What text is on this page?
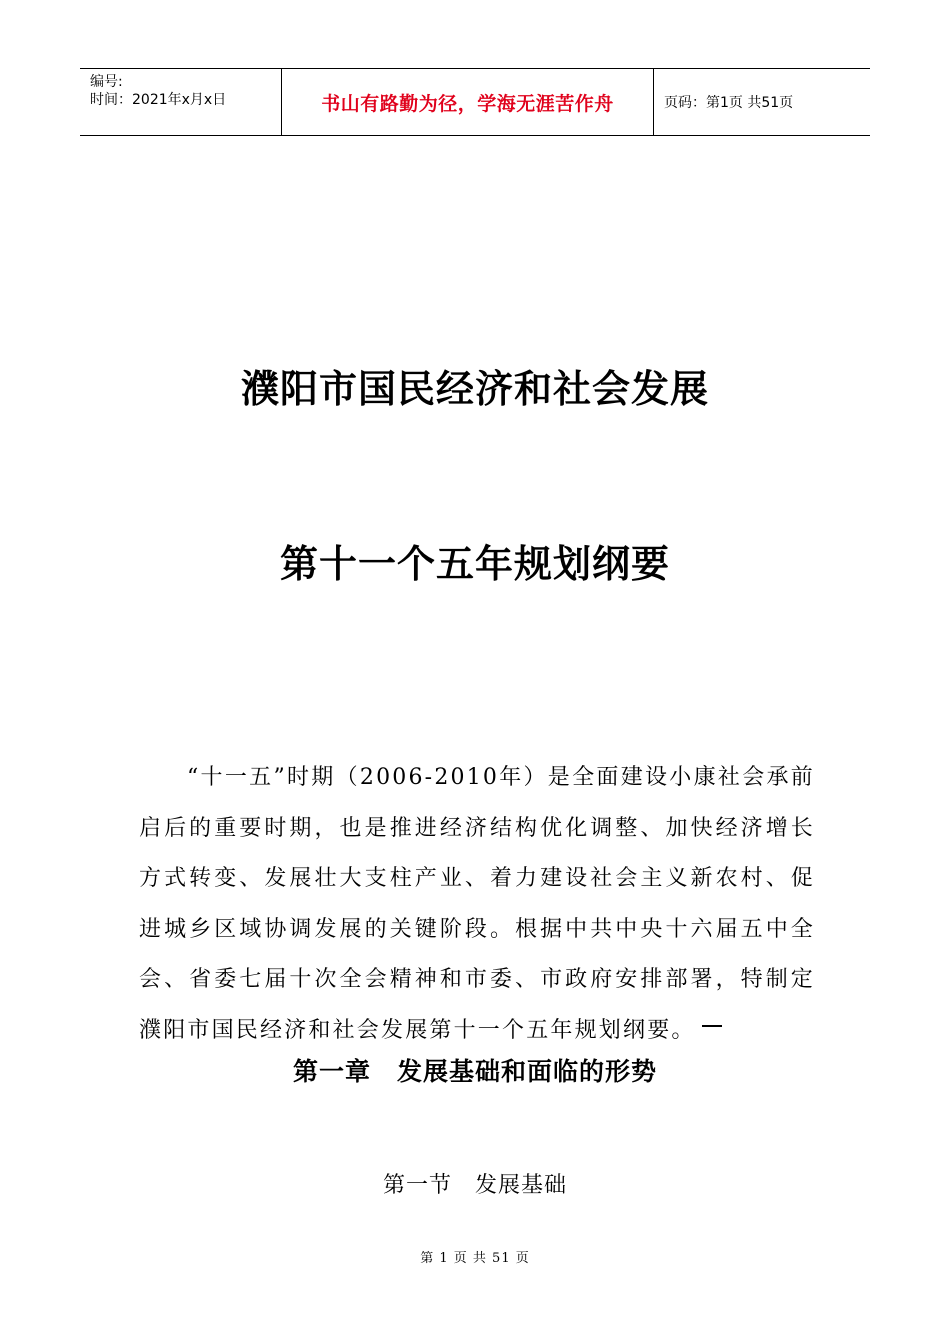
编号:
时间：2021年x月x日	书山有路勤为径，学海无涯苦作舟	页码：第1页 共51页
濮阳市国民经济和社会发展
第十一个五年规划纲要
“十一五”时期（2006-2010年）是全面建设小康社会承前启后的重要时期，也是推进经济结构优化调整、加快经济增长方式转变、发展壮大支柱产业、着力建设社会主义新农村、促进城乡区域协调发展的关键阶段。根据中共中央十六届五中全会、省委七届十次全会精神和市委、市政府安排部署，特制定濮阳市国民经济和社会发展第十一个五年规划纲要。
第一章　发展基础和面临的形势
第一节　发展基础
第 1 页 共 51 页
